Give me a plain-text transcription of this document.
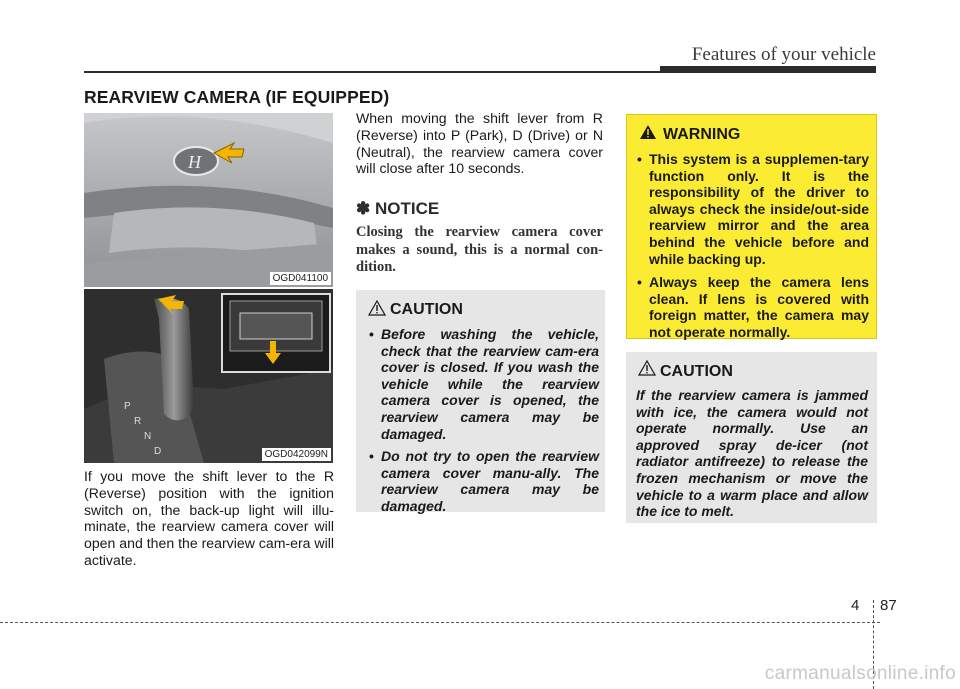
Features of your vehicle
REARVIEW CAMERA (IF EQUIPPED)
H
OGD041100
P
R
N
D	OGD042099N
If you move the shift lever to the R (Reverse) position with the ignition switch on, the back-up light will illu-minate, the rearview camera cover will open and then the rearview cam-era will activate.
When moving the shift lever from R (Reverse) into P (Park), D (Drive) or N (Neutral), the rearview camera cover will close after 10 seconds.
✽ NOTICE
Closing the rearview camera cover makes a sound, this is a normal con-dition.
CAUTION
• Before washing the vehicle, check that the rearview cam-era cover is closed. If you wash the vehicle while the rearview camera cover is opened, the rearview camera may be damaged.
• Do not try to open the rearview camera cover manu-ally. The rearview camera may be damaged.
WARNING
• This system is a supplemen-tary function only. It is the responsibility of the driver to always check the inside/out-side rearview mirror and the area behind the vehicle before and while backing up.
• Always keep the camera lens clean. If lens is covered with foreign matter, the camera may not operate normally.
CAUTION
If the rearview camera is jammed with ice, the camera would not operate normally. Use an approved spray de-icer (not radiator antifreeze) to release the frozen mechanism or move the vehicle to a warm place and allow the ice to melt.
4 87
carmanualsonline.info
